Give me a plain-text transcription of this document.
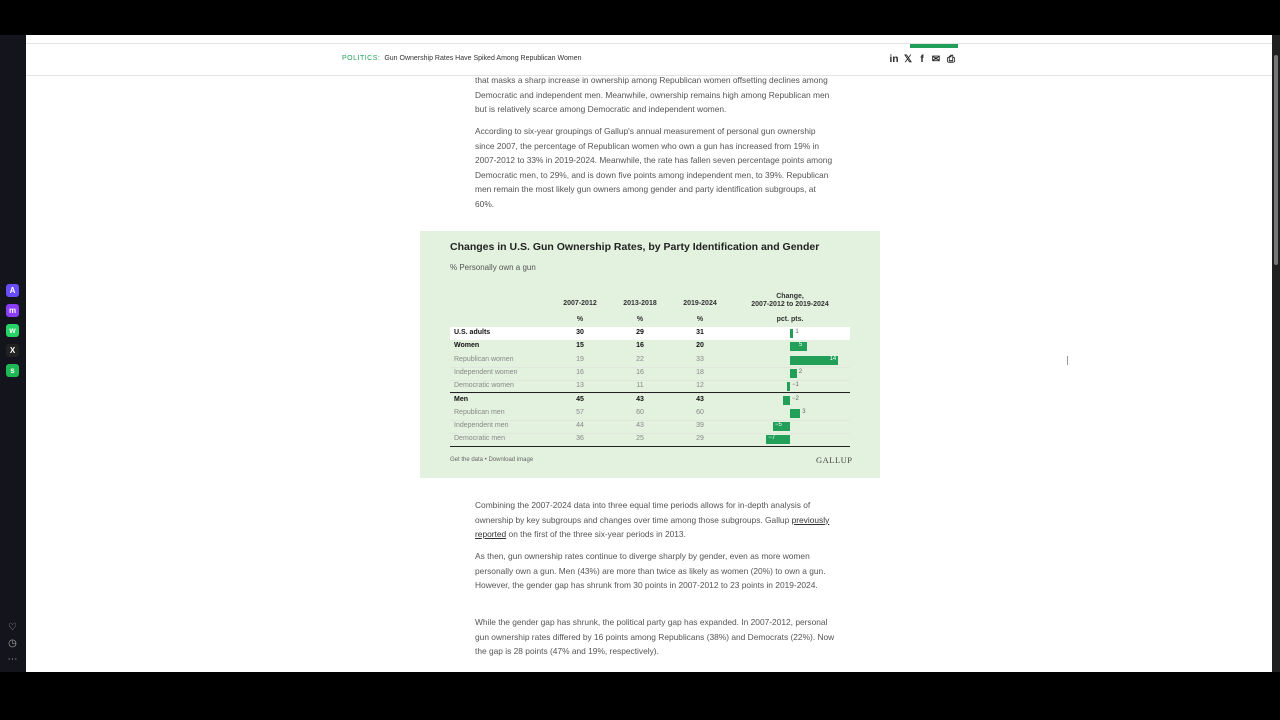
A
m
w
X
s
♡
◷
⋯
POLITICS: Gun Ownership Rates Have Spiked Among Republican Women	in 𝕏 f ✉ ⎙

that masks a sharp increase in ownership among Republican women offsetting declines among Democratic and independent men. Meanwhile, ownership remains high among Republican men but is relatively scarce among Democratic and independent women.

According to six-year groupings of Gallup's annual measurement of personal gun ownership since 2007, the percentage of Republican women who own a gun has increased from 19% in 2007-2012 to 33% in 2019-2024. Meanwhile, the rate has fallen seven percentage points among Democratic men, to 29%, and is down five points among independent men, to 39%. Republican men remain the most likely gun owners among gender and party identification subgroups, at 60%.

Changes in U.S. Gun Ownership Rates, by Party Identification and Gender
% Personally own a gun
2007-2012	2013-2018	2019-2024
Change,
2007-2012 to 2019-2024
%	%	%	pct. pts.
U.S. adults	30	29	31	1
Women	15	16	20	5
Republican women	19	22	33	14
Independent women	16	16	18	2
Democratic women	13	11	12	−1
Men	45	43	43	−2
Republican men	57	60	60	3
Independent men	44	43	39	−5
Democratic men	36	25	29	−7
Get the data • Download image	GALLUP

Combining the 2007-2024 data into three equal time periods allows for in-depth analysis of ownership by key subgroups and changes over time among those subgroups. Gallup previously reported on the first of the three six-year periods in 2013.

As then, gun ownership rates continue to diverge sharply by gender, even as more women personally own a gun. Men (43%) are more than twice as likely as women (20%) to own a gun. However, the gender gap has shrunk from 30 points in 2007-2012 to 23 points in 2019-2024.

While the gender gap has shrunk, the political party gap has expanded. In 2007-2012, personal gun ownership rates differed by 16 points among Republicans (38%) and Democrats (22%). Now the gap is 28 points (47% and 19%, respectively).
